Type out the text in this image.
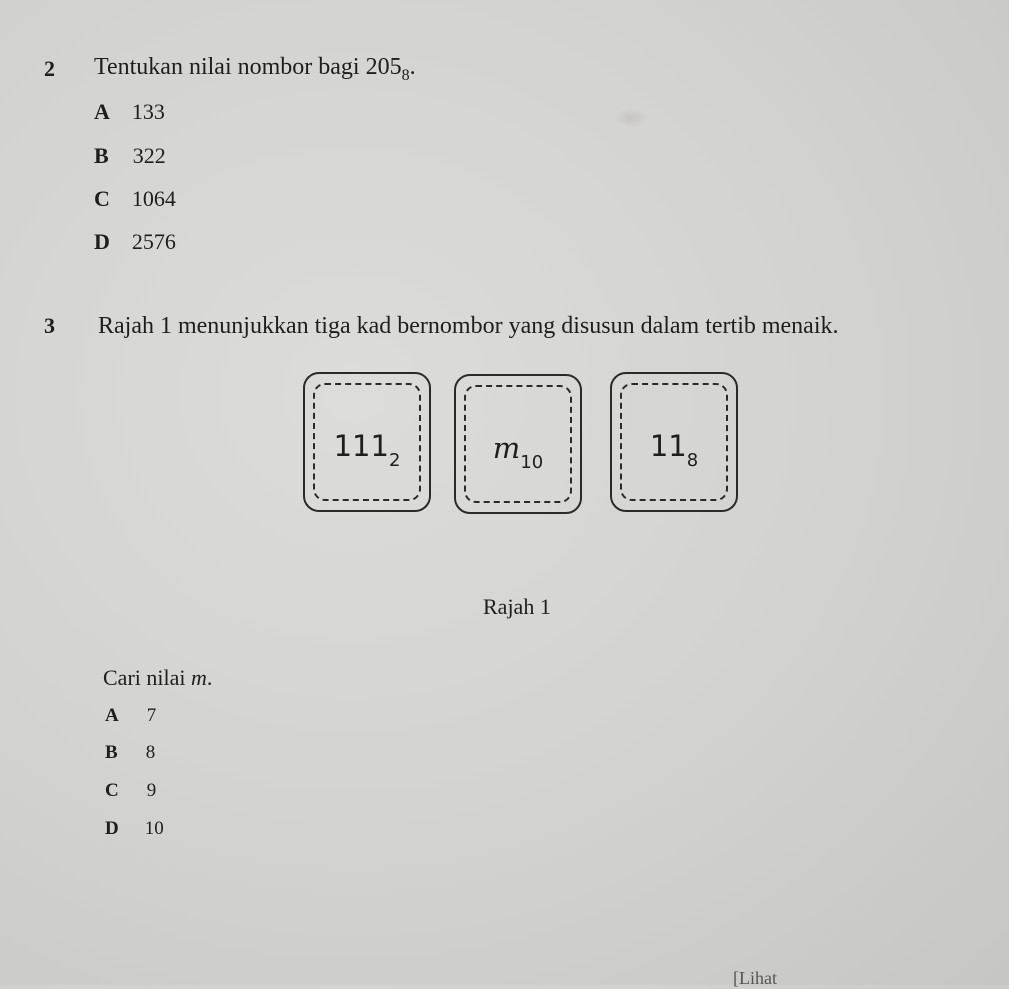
2 Tentukan nilai nombor bagi $205_8$.
A 133
B 322
C 1064
D 2576
3 Rajah 1 menunjukkan tiga kad bernombor yang disusun dalam tertib menaik.
$111_2$	$m_{10}$	$11_8$
Rajah 1
Cari nilai m.
A 7
B 8
C 9
D 10
[Lihat
